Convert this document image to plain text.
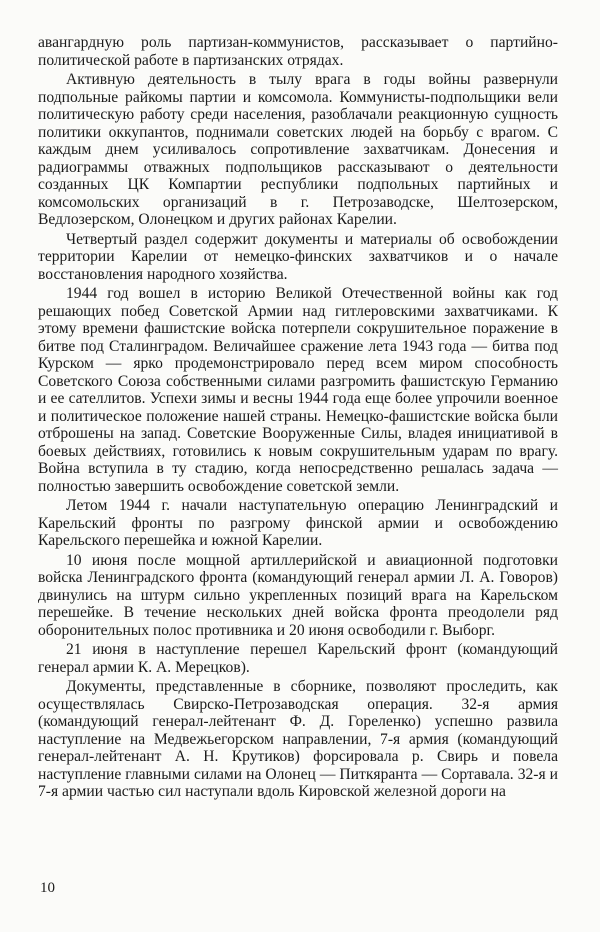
авангардную роль партизан-коммунистов, рассказывает о партийно-политической работе в партизанских отрядах.

Активную деятельность в тылу врага в годы войны развернули подпольные райкомы партии и комсомола. Коммунисты-подпольщики вели политическую работу среди населения, разоблачали реакционную сущность политики оккупантов, поднимали советских людей на борьбу с врагом. С каждым днем усиливалось сопротивление захватчикам. Донесения и радиограммы отважных подпольщиков рассказывают о деятельности созданных ЦК Компартии республики подпольных партийных и комсомольских организаций в г. Петрозаводске, Шелтозерском, Ведлозерском, Олонецком и других районах Карелии.

Четвертый раздел содержит документы и материалы об освобождении территории Карелии от немецко-финских захватчиков и о начале восстановления народного хозяйства.

1944 год вошел в историю Великой Отечественной войны как год решающих побед Советской Армии над гитлеровскими захватчиками. К этому времени фашистские войска потерпели сокрушительное поражение в битве под Сталинградом. Величайшее сражение лета 1943 года — битва под Курском — ярко продемонстрировало перед всем миром способность Советского Союза собственными силами разгромить фашистскую Германию и ее сателлитов. Успехи зимы и весны 1944 года еще более упрочили военное и политическое положение нашей страны. Немецко-фашистские войска были отброшены на запад. Советские Вооруженные Силы, владея инициативой в боевых действиях, готовились к новым сокрушительным ударам по врагу. Война вступила в ту стадию, когда непосредственно решалась задача — полностью завершить освобождение советской земли.

Летом 1944 г. начали наступательную операцию Ленинградский и Карельский фронты по разгрому финской армии и освобождению Карельского перешейка и южной Карелии.

10 июня после мощной артиллерийской и авиационной подготовки войска Ленинградского фронта (командующий генерал армии Л. А. Говоров) двинулись на штурм сильно укрепленных позиций врага на Карельском перешейке. В течение нескольких дней войска фронта преодолели ряд оборонительных полос противника и 20 июня освободили г. Выборг.

21 июня в наступление перешел Карельский фронт (командующий генерал армии К. А. Мерецков).

Документы, представленные в сборнике, позволяют проследить, как осуществлялась Свирско-Петрозаводская операция. 32-я армия (командующий генерал-лейтенант Ф. Д. Гореленко) успешно развила наступление на Медвежьегорском направлении, 7-я армия (командующий генерал-лейтенант А. Н. Крутиков) форсировала р. Свирь и повела наступление главными силами на Олонец — Питкяранта — Сортавала. 32-я и 7-я армии частью сил наступали вдоль Кировской железной дороги на

10
